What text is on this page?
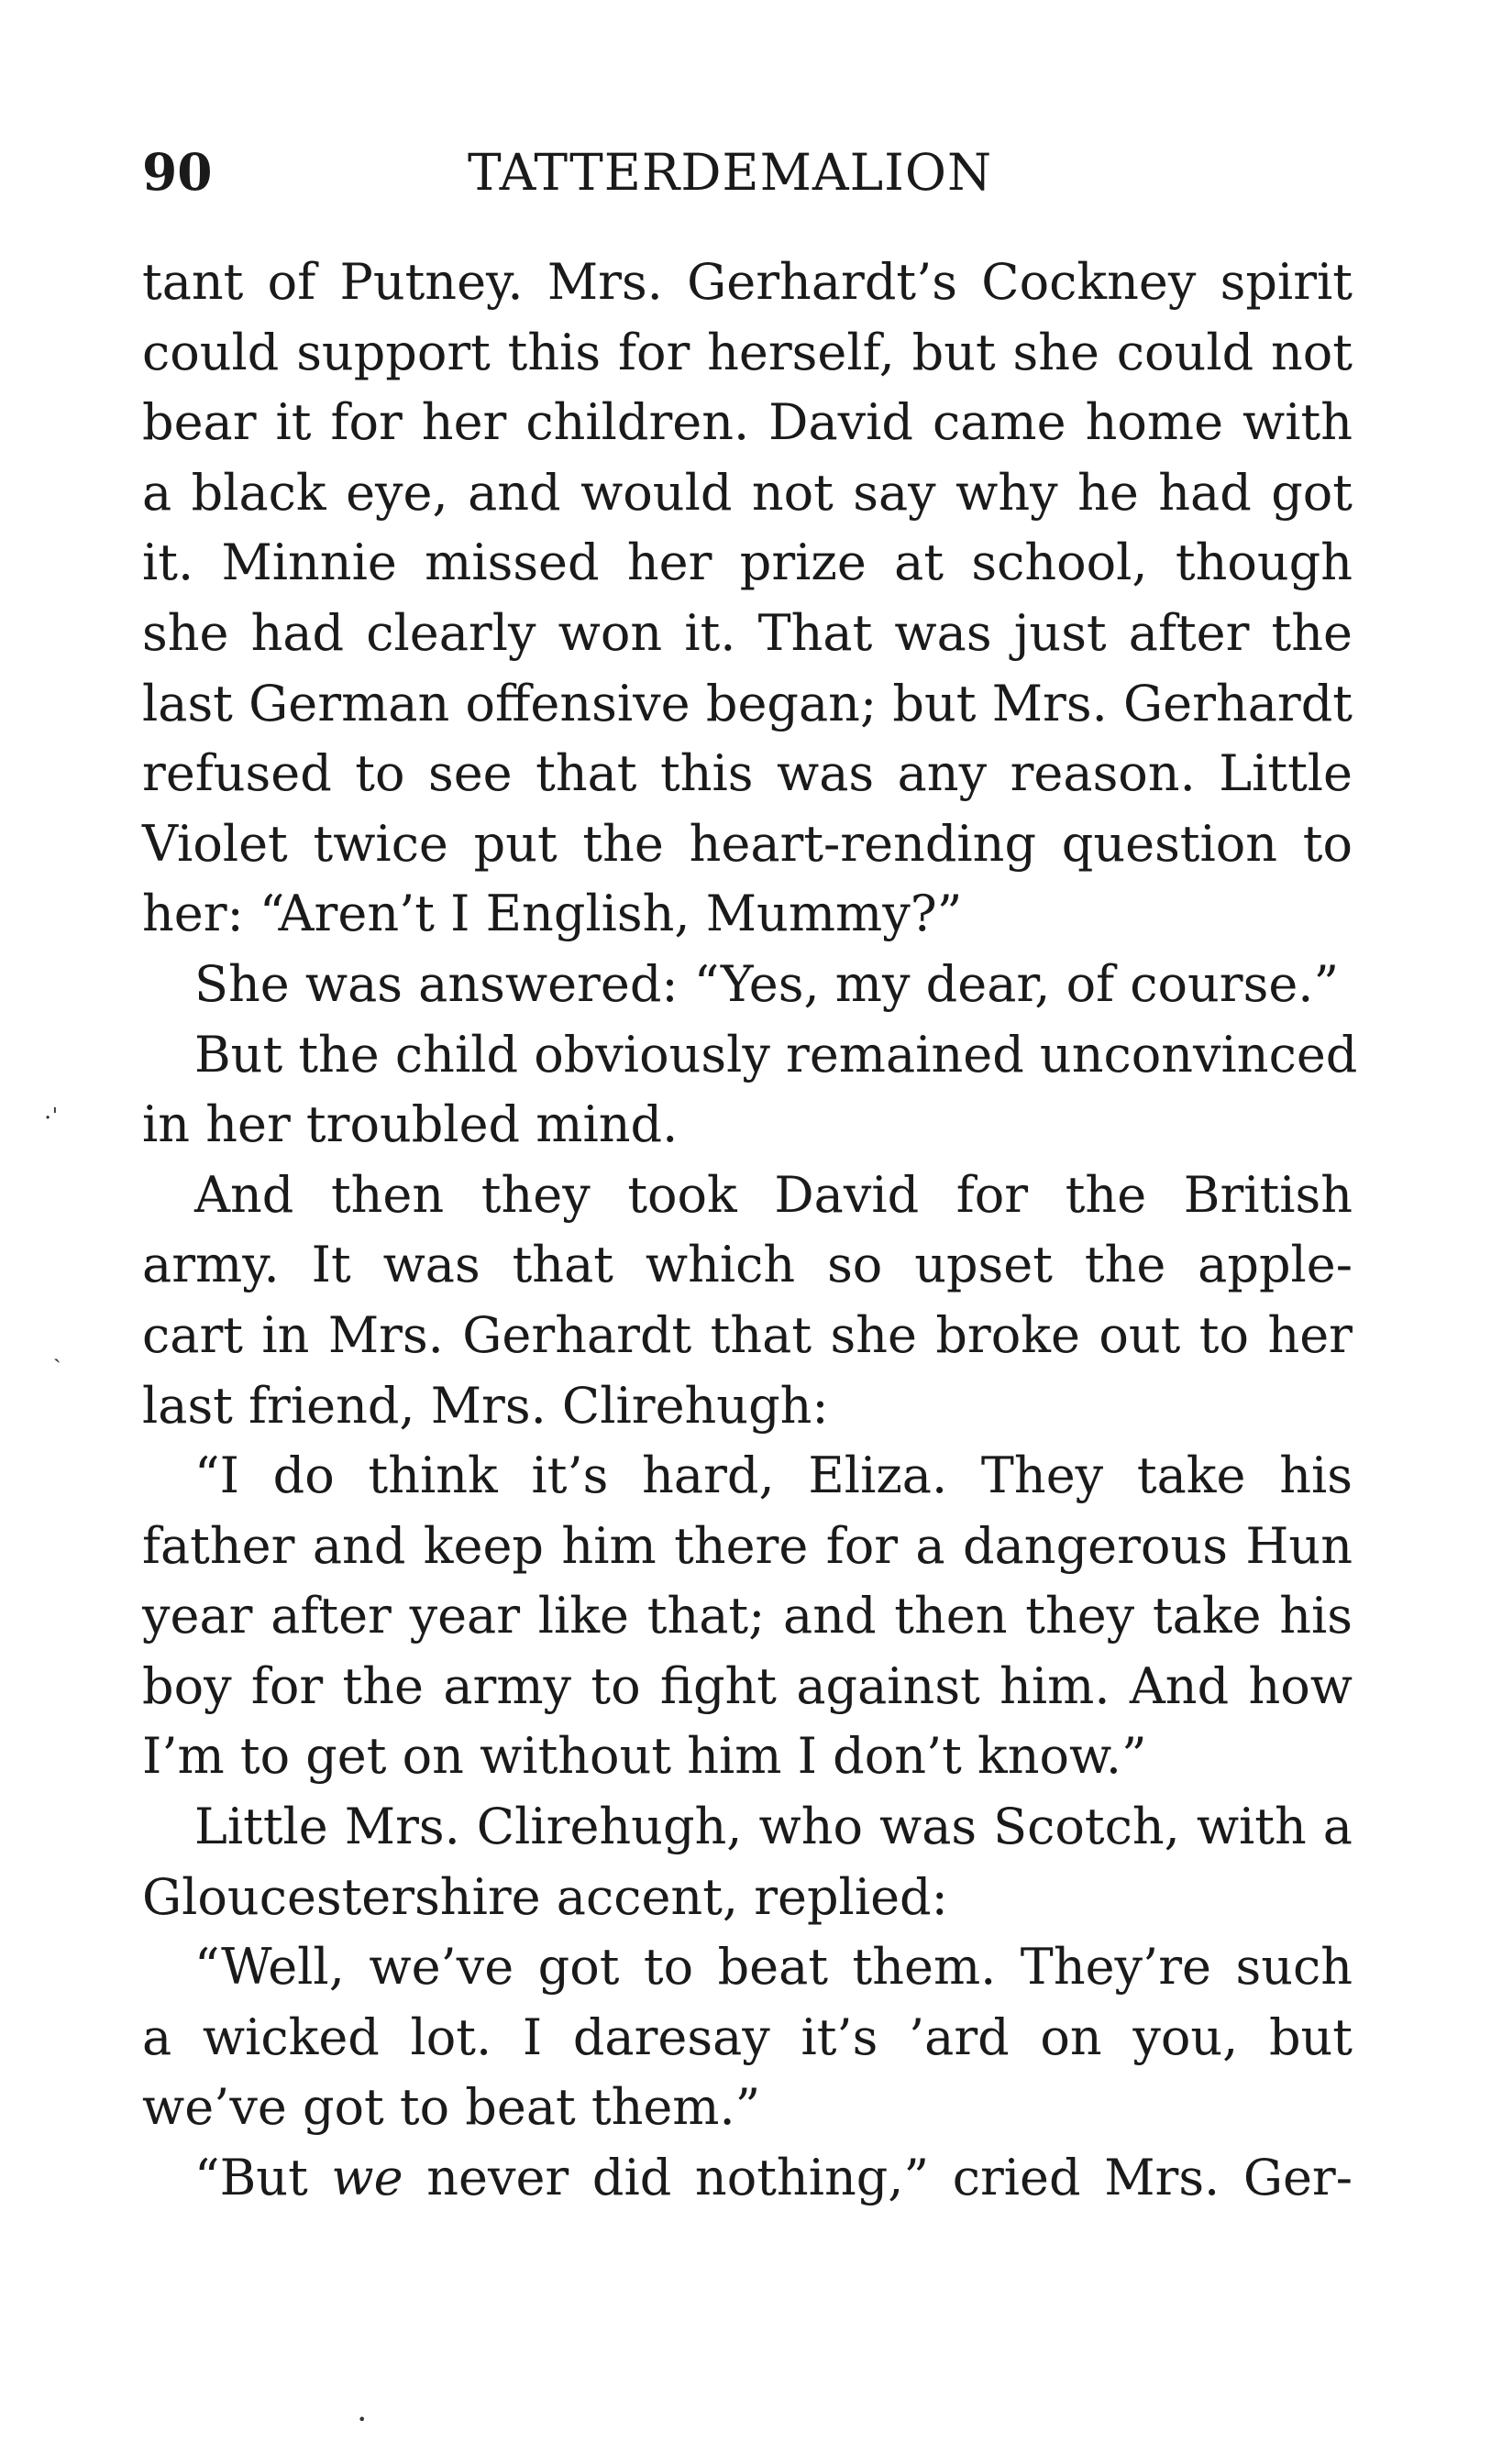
90	TATTERDEMALION
tant of Putney. Mrs. Gerhardt’s Cockney spirit
could support this for herself, but she could not
bear it for her children. David came home with
a black eye, and would not say why he had got
it. Minnie missed her prize at school, though
she had clearly won it. That was just after the
last German offensive began; but Mrs. Gerhardt
refused to see that this was any reason. Little
Violet twice put the heart-rending question to
her: “Aren’t I English, Mummy?”
She was answered: “Yes, my dear, of course.”
But the child obviously remained unconvinced
in her troubled mind.
And then they took David for the British
army. It was that which so upset the apple-
cart in Mrs. Gerhardt that she broke out to her
last friend, Mrs. Clirehugh:
“I do think it’s hard, Eliza. They take his
father and keep him there for a dangerous Hun
year after year like that; and then they take his
boy for the army to fight against him. And how
I’m to get on without him I don’t know.”
Little Mrs. Clirehugh, who was Scotch, with a
Gloucestershire accent, replied:
“Well, we’ve got to beat them. They’re such
a wicked lot. I daresay it’s ’ard on you, but
we’ve got to beat them.”
“But we never did nothing,” cried Mrs. Ger-
·ˈ
ˏ
•
